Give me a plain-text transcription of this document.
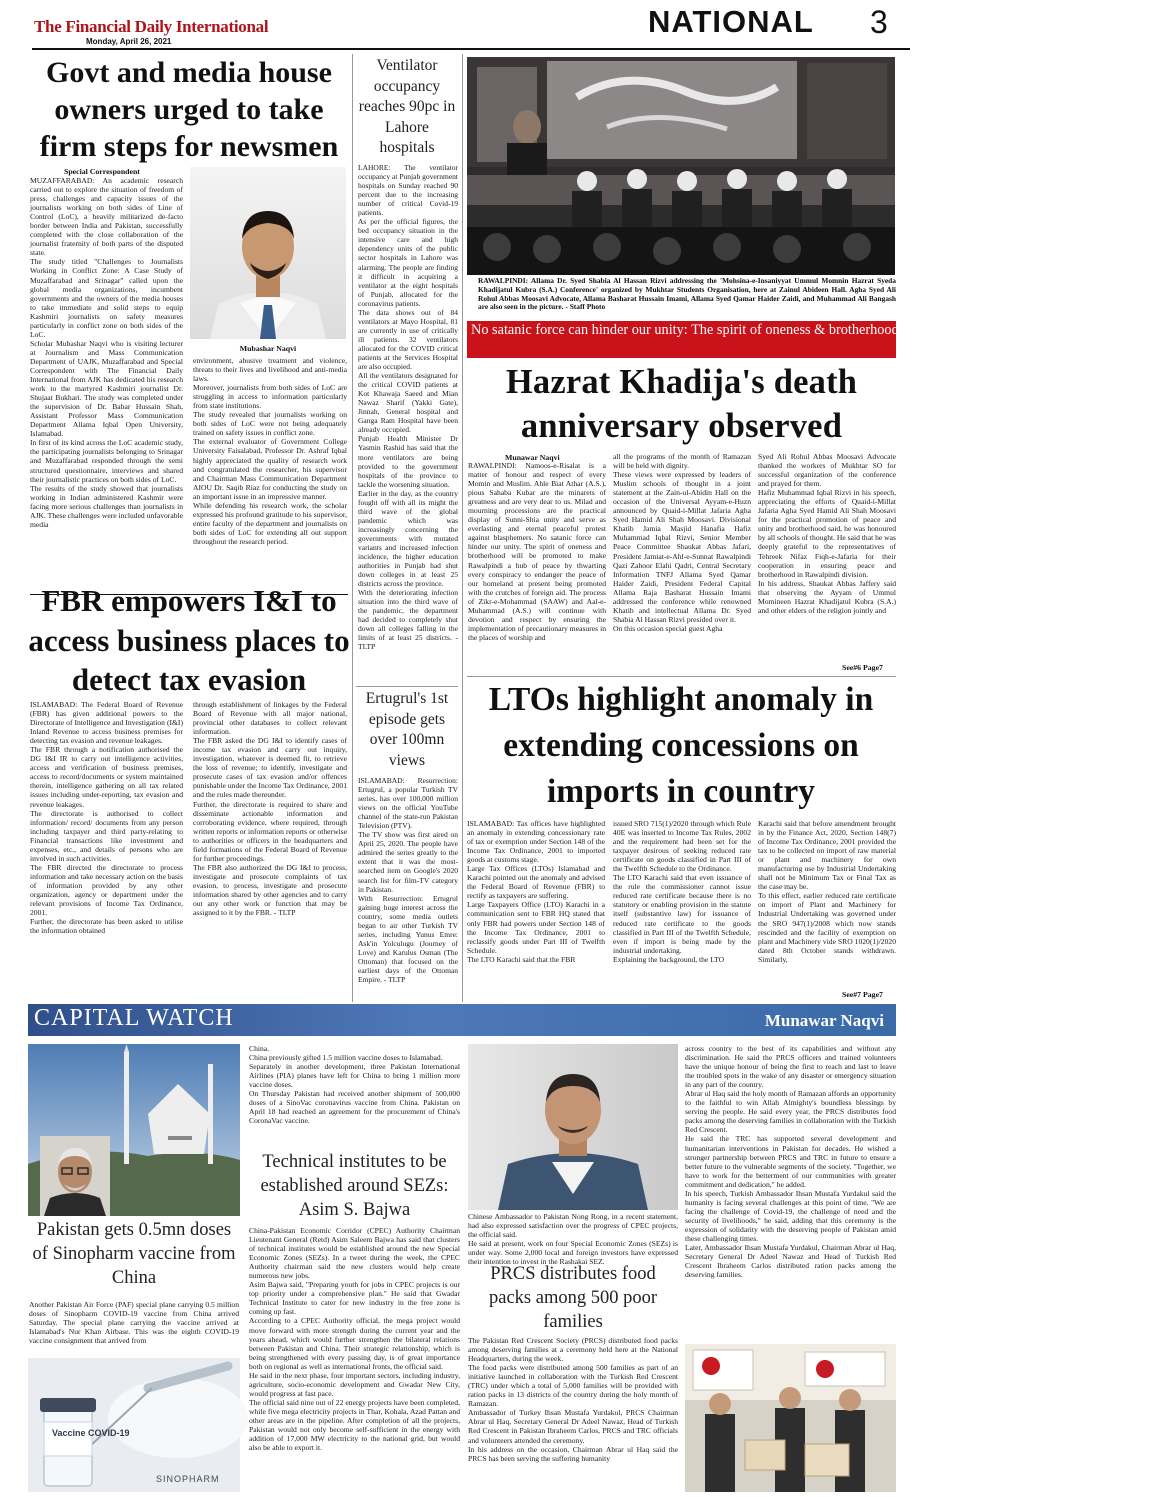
The Financial Daily International
Monday, April 26, 2021
NATIONAL 3
Govt and media house owners urged to take firm steps for newsmen
Special Correspondent
MUZAFFARABAD: An academic research carried out to explore the situation of freedom of press, challenges and capacity issues of the journalists working on both sides of Line of Control (LoC), a heavily militarized de-facto border between India and Pakistan, successfully completed with the close collaboration of the journalist fraternity of both parts of the disputed state.
The study titled "Challenges to Journalists Working in Conflict Zone: A Case Study of Muzaffarabad and Srinagar" called upon the global media organizations, incumbent governments and the owners of the media houses to take immediate and solid steps to equip Kashmiri journalists on safety measures particularly in conflict zone on both sides of the LoC.
Scholar Mubashar Naqvi who is visiting lecturer at Journalism and Mass Communication Department of UAJK, Muzaffarabad and Special Correspondent with The Financial Daily International from AJK has dedicated his research work to the martyred Kashmiri journalist Dr. Shujaat Bukhari. The study was completed under the supervision of Dr. Babar Hussain Shah, Assistant Professor Mass Communication Department Allama Iqbal Open University, Islamabad.
In first of its kind across the LoC academic study, the participating journalists belonging to Srinagar and Muzaffarabad responded through the semi structured questionnaire, interviews and shared their journalistic practices on both sides of LoC.
The results of the study showed that journalists working in Indian administered Kashmir were facing more serious challenges than journalists in AJK. These challenges were included unfavorable media
Mubashar Naqvi
environment, abusive treatment and violence, threats to their lives and livelihood and anti-media laws.
Moreover, journalists from both sides of LoC are struggling in access to information particularly from state institutions.
The study revealed that journalists working on both sides of LoC were not being adequately trained on safety issues in conflict zone.
The external evaluator of Government College University Faisalabad, Professor Dr. Ashraf Iqbal highly appreciated the quality of research work and congratulated the researcher, his supervisor and Chairman Mass Communication Department AIOU Dr. Saqib Riaz for conducting the study on an important issue in an impressive manner.
While defending his research work, the scholar expressed his profound gratitude to his supervisor, entire faculty of the department and journalists on both sides of LoC for extending all out support throughout the research period.
Ventilator occupancy reaches 90pc in Lahore hospitals
LAHORE: The ventilator occupancy at Punjab government hospitals on Sunday reached 90 percent due to the increasing number of critical Covid-19 patients.
As per the official figures, the bed occupancy situation in the intensive care and high dependency units of the public sector hospitals in Lahore was alarming. The people are finding it difficult in acquiring a ventilator at the eight hospitals of Punjab, allocated for the coronavirus patients.
The data shows out of 84 ventilators at Mayo Hospital, 81 are currently in use of critically ill patients. 32 ventilators allocated for the COVID critical patients at the Services Hospital are also occupied.
All the ventilators designated for the critical COVID patients at Kot Khawaja Saeed and Mian Nawaz Sharif (Yakki Gate), Jinnah, General hospital and Ganga Ram Hospital have been already occupied.
Punjab Health Minister Dr Yasmin Rashid has said that the more ventilators are being provided to the government hospitals of the province to tackle the worsening situation.
Earlier in the day, as the country fought off with all its might the third wave of the global pandemic which was increasingly concerning the governments with mutated variants and increased infection incidence, the higher education authorities in Punjab had shut down colleges in at least 25 districts across the province.
With the deteriorating infection situation into the third wave of the pandemic, the department had decided to completely shut down all colleges falling in the limits of at least 25 districts. - TLTP
RAWALPINDI: Allama Dr. Syed Shabia Al Hassan Rizvi addressing the 'Mohsina-e-Insaniyyat Ummul Momnin Hazrat Syeda Khadijatul Kubra (S.A.) Conference' organized by Mukhtar Students Organisation, here at Zainul Abideen Hall. Agha Syed Ali Rohul Abbas Moosavi Advocate, Allama Basharat Hussain Imami, Allama Syed Qamar Haider Zaidi, and Muhammad Ali Bangash are also seen in the picture. - Staff Photo
No satanic force can hinder our unity: The spirit of oneness & brotherhood will be promoted, says conference speakers
Hazrat Khadija's death anniversary observed
Munawar Naqvi
RAWALPINDI: Namoos-e-Risalat is a matter of honour and respect of every Momin and Muslim. Ahle Biat Athar (A.S.), pious Sahaba Kubar are the minarets of greatness and are very dear to us. Milad and mourning processions are the practical display of Sunni-Shia unity and serve as everlasting and eternal peaceful protest against blasphemers. No satanic force can hinder our unity. The spirit of oneness and brotherhood will be promoted to make Rawalpindi a hub of peace by thwarting every conspiracy to endanger the peace of our homeland at present being promoted with the crutches of foreign aid. The process of Zikr-e-Mohammad (SAAW) and Aal-e-Muhammad (A.S.) will continue with devotion and respect by ensuring the implementation of precautionary measures in the places of worship and
all the programs of the month of Ramazan will be held with dignity.
These views were expressed by leaders of Muslim schools of thought in a joint statement at the Zain-ul-Abidin Hall on the occasion of the Universal Ayyam-e-Huzn announced by Quaid-i-Millat Jafaria Agha Syed Hamid Ali Shah Moosavi. Divisional Khatib Jamia Masjid Hanafia Hafiz Muhammad Iqbal Rizvi, Senior Member Peace Committee Shaukat Abbas Jafari, President Jamiat-e-Ahl-e-Sunnat Rawalpindi Qazi Zahoor Elahi Qadri, Central Secretary Information TNFJ Allama Syed Qamar Haider Zaidi, President Federal Capital Allama Raja Basharat Hussain Imami addressed the conference while renowned Khatib and intellectual Allama Dr. Syed Shabia Al Hassan Rizvi presided over it.
On this occasion special guest Agha
Syed Ali Rohul Abbas Moosavi Advocate thanked the workers of Mukhtar SO for successful organization of the conference and prayed for them.
Hafiz Muhammad Iqbal Rizvi in his speech, appreciating the efforts of Quaid-i-Millat Jafaria Agha Syed Hamid Ali Shah Moosavi for the practical promotion of peace and unity and brotherhood said, he was honoured by all schools of thought. He said that he was deeply grateful to the representatives of Tehreek Nifaz Fiqh-e-Jafaria for their cooperation in ensuring peace and brotherhood in Rawalpindi division.
In his address, Shaukat Abbas Jaffery said that observing the Ayyam of Ummul Momineen Hazrat Khadijatul Kubra (S.A.) and other elders of the religion jointly and
See#6 Page7
FBR empowers I&I to access business places to detect tax evasion
ISLAMABAD: The Federal Board of Revenue (FBR) has given additional powers to the Directorate of Intelligence and Investigation (I&I) Inland Revenue to access business premises for detecting tax evasion and revenue leakages.
The FBR through a notification authorised the DG I&I IR to carry out intelligence activities, access and verification of business premises, access to record/documents or system maintained therein, intelligence gathering on all tax related issues including under-reporting, tax evasion and revenue leakages.
The directorate is authorised to collect information/ record/ documents from any person including taxpayer and third party-relating to Financial transactions like investment and expenses, etc., and details of persons who are involved in such activities.
The FBR directed the directorate to process information and take necessary action on the basis of information provided by any other organization, agency or department under the relevant provisions of Income Tax Ordinance, 2001.
Further, the directorate has been asked to utilise the information obtained
through establishment of linkages by the Federal Board of Revenue with all major national, provincial other databases to collect relevant information.
The FBR asked the DG I&I to identify cases of income tax evasion and carry out inquiry, investigation, whatever is deemed fit, to retrieve the loss of revenue; to identify, investigate and prosecute cases of tax evasion and/or offences punishable under the Income Tax Ordinance, 2001 and the rules made thereunder.
Further, the directorate is required to share and disseminate actionable information and corroborating evidence, where required, through written reports or information reports or otherwise to authorities or officers in the headquarters and field formations of the Federal Board of Revenue for further proceedings.
The FBR also authorized the DG I&I to process, investigate and prosecute complaints of tax evasion, to process, investigate and prosecute information shared by other agencies and to carry out any other work or function that may be assigned to it by the FBR. - TLTP
Ertugrul's 1st episode gets over 100mn views
ISLAMABAD: Resurrection: Ertugrul, a popular Turkish TV series, has over 100,000 million views on the official YouTube channel of the state-run Pakistan Television (PTV).
The TV show was first aired on April 25, 2020. The people have admired the series greatly to the extent that it was the most-searched item on Google's 2020 search list for film-TV category in Pakistan.
With Resurrection: Ertugrul gaining huge interest across the country, some media outlets began to air other Turkish TV series, including Yunus Emre: Ask'in Yolculugu (Journey of Love) and Karulus Osman (The Ottoman) that focused on the earliest days of the Ottoman Empire. - TLTP
LTOs highlight anomaly in extending concessions on imports in country
ISLAMABAD: Tax offices have highlighted an anomaly in extending concessionary rate of tax or exemption under Section 148 of the Income Tax Ordinance, 2001 to imported goods at customs stage.
Large Tax Offices (LTOs) Islamabad and Karachi pointed out the anomaly and advised the Federal Board of Revenue (FBR) to rectify as taxpayers are suffering.
Large Taxpayers Office (LTO) Karachi in a communication sent to FBR HQ stated that only FBR had powers under Section 148 of the Income Tax Ordinance, 2001 to reclassify goods under Part III of Twelfth Schedule.
The LTO Karachi said that the FBR
issued SRO 715(1)/2020 through which Rule 40E was inserted to Income Tax Rules, 2002 and the requirement had been set for the taxpayer desirous of seeking reduced rate certificate on goods classified in Part III of the Twelfth Schedule to the Ordinance.
The LTO Karachi said that even issuance of the rule the commissioner cannot issue reduced rate certificate because there is no statutory or enabling provision in the statute itself (substantive law) for issuance of reduced rate certificate to the goods classified in Part III of the Twelfth Schedule, even if import is being made by the industrial undertaking.
Explaining the background, the LTO
Karachi said that before amendment brought in by the Finance Act, 2020, Section 148(7) of Income Tax Ordinance, 2001 provided the tax to be collected on import of raw material or plant and machinery for own manufacturing use by Industrial Undertaking shall not be Minimum Tax or Final Tax as the case may be.
To this effect, earlier reduced rate certificate on import of Plant and Machinery for Industrial Undertaking was governed under the SRO 947(1)/2008 which now stands rescinded and the facility of exemption on plant and Machinery vide SRO 1020(1)/2020 dated 8th October stands withdrawn. Similarly,
See#7 Page7
CAPITAL WATCH	Munawar Naqvi
Pakistan gets 0.5mn doses of Sinopharm vaccine from China
Another Pakistan Air Force (PAF) special plane carrying 0.5 million doses of Sinopharm COVID-19 vaccine from China arrived Saturday. The special plane carrying the vaccine arrived at Islamabad's Nur Khan Airbase. This was the eighth COVID-19 vaccine consignment that arrived from
Vaccine COVID-19
SINOPHARM
China.
China previously gifted 1.5 million vaccine doses to Islamabad.
Separately in another development, three Pakistan International Airlines (PIA) planes have left for China to bring 1 million more vaccine doses.
On Thursday Pakistan had received another shipment of 500,000 doses of a SinoVac coronavirus vaccine from China. Pakistan on April 18 had reached an agreement for the procurement of China's CoronaVac vaccine.
Technical institutes to be established around SEZs: Asim S. Bajwa
China-Pakistan Economic Corridor (CPEC) Authority Chairman Lieutenant General (Retd) Asim Saleem Bajwa has said that clusters of technical institutes would be established around the new Special Economic Zones (SEZs). In a tweet during the week, the CPEC Authority chairman said the new clusters would help create numerous new jobs.
Asim Bajwa said, "Preparing youth for jobs in CPEC projects is our top priority under a comprehensive plan." He said that Gwadar Technical Institute to cater for new industry in the free zone is coming up fast.
According to a CPEC Authority official, the mega project would move forward with more strength during the current year and the years ahead, which would further strengthen the bilateral relations between Pakistan and China. Their strategic relationship, which is being strengthened with every passing day, is of great importance both on regional as well as international fronts, the official said.
He said in the next phase, four important sectors, including industry, agriculture, socio-economic development and Gwadar New City, would progress at fast pace.
The official said nine out of 22 energy projects have been completed, while five mega electricity projects in Thar, Kohala, Azad Pattan and other areas are in the pipeline. After completion of all the projects, Pakistan would not only become self-sufficient in the energy with addition of 17,000 MW electricity to the national grid, but would also be able to export it.
Chinese Ambassador to Pakistan Nong Rong, in a recent statement, had also expressed satisfaction over the progress of CPEC projects, the official said.
He said at present, work on four Special Economic Zones (SEZs) is under way. Some 2,000 local and foreign investors have expressed their intention to invest in the Rashakai SEZ.
PRCS distributes food packs among 500 poor families
The Pakistan Red Crescent Society (PRCS) distributed food packs among deserving families at a ceremony held here at the National Headquarters, during the week.
The food packs were distributed among 500 families as part of an initiative launched in collaboration with the Turkish Red Crescent (TRC) under which a total of 5,000 families will be provided with ration packs in 13 districts of the country during the holy month of Ramazan.
Ambassador of Turkey Ihsan Mustafa Yurdakul, PRCS Chairman Abrar ul Haq, Secretary General Dr Adeel Nawaz, Head of Turkish Red Crescent in Pakistan Ibraheem Carlos, PRCS and TRC officials and volunteers attended the ceremony.
In his address on the occasion, Chairman Abrar ul Haq said the PRCS has been serving the suffering humanity
across country to the best of its capabilities and without any discrimination. He said the PRCS officers and trained volunteers have the unique honour of being the first to reach and last to leave the troubled spots in the wake of any disaster or emergency situation in any part of the country.
Abrar ul Haq said the holy month of Ramazan affords an opportunity to the faithful to win Allah Almighty's boundless blessings by serving the people. He said every year, the PRCS distributes food packs among the deserving families in collaboration with the Turkish Red Crescent.
He said the TRC has supported several development and humanitarian interventions in Pakistan for decades. He wished a stronger partnership between PRCS and TRC in future to ensure a better future to the vulnerable segments of the society. "Together, we have to work for the betterment of our communities with greater commitment and dedication," he added.
In his speech, Turkish Ambassador Ihsan Mustafa Yurdakul said the humanity is facing several challenges at this point of time. "We are facing the challenge of Covid-19, the challenge of need and the security of livelihoods," he said, adding that this ceremony is the expression of solidarity with the deserving people of Pakistan amid these challenging times.
Later, Ambassador Ihsan Mustafa Yurdakul, Chairman Abrar ul Haq, Secretary General Dr Adeel Nawaz and Head of Turkish Red Crescent Ibraheem Carlos distributed ration packs among the deserving families.
